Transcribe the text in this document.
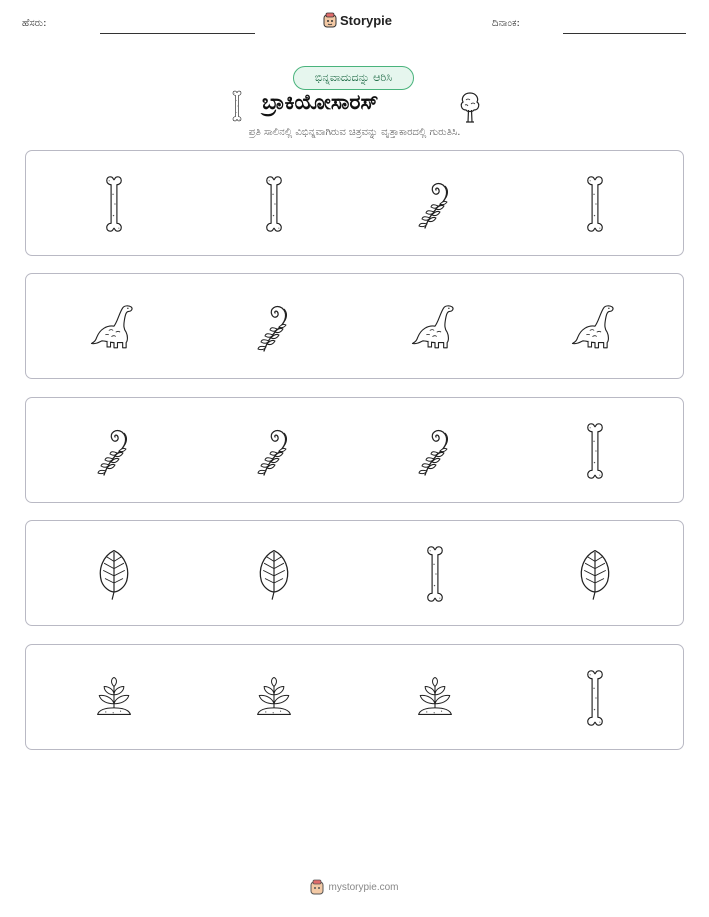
ಹೆಸರು:	Storypie	ದಿನಾಂಕ:
ಭಿನ್ನವಾದುದನ್ನು ಆರಿಸಿ
ಬ್ರಾಕಿಯೋಸಾರಸ್
ಪ್ರತಿ ಸಾಲಿನಲ್ಲಿ ವಿಭಿನ್ನವಾಗಿರುವ ಚಿತ್ರವನ್ನು ವೃತ್ತಾಕಾರದಲ್ಲಿ ಗುರುತಿಸಿ.
mystorypie.com
